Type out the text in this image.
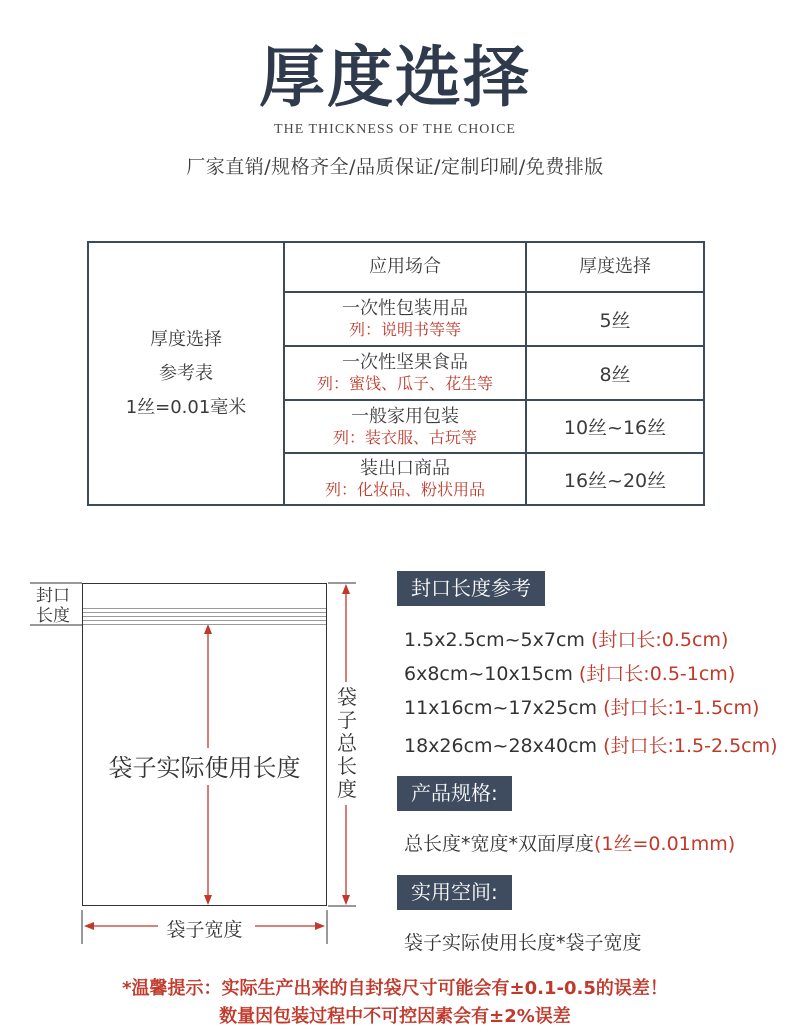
厚度选择
THE THICKNESS OF THE CHOICE
厂家直销/规格齐全/品质保证/定制印刷/免费排版
厚度选择
参考表
1丝=0.01毫米
应用场合	厚度选择
一次性包装用品
列：说明书等等	5丝
一次性坚果食品
列：蜜饯、瓜子、花生等	8丝
一般家用包装
列：装衣服、古玩等	10丝~16丝
装出口商品
列：化妆品、粉状用品	16丝~20丝
封口
长度
袋子实际使用长度
袋
子
总
长
度
袋子宽度
封口长度参考
1.5x2.5cm~5x7cm (封口长:0.5cm)
6x8cm~10x15cm (封口长:0.5-1cm)
11x16cm~17x25cm (封口长:1-1.5cm)
18x26cm~28x40cm (封口长:1.5-2.5cm)
产品规格:
总长度*宽度*双面厚度(1丝=0.01mm)
实用空间:
袋子实际使用长度*袋子宽度
*温馨提示：实际生产出来的自封袋尺寸可能会有±0.1-0.5的误差！
数量因包装过程中不可控因素会有±2%误差
